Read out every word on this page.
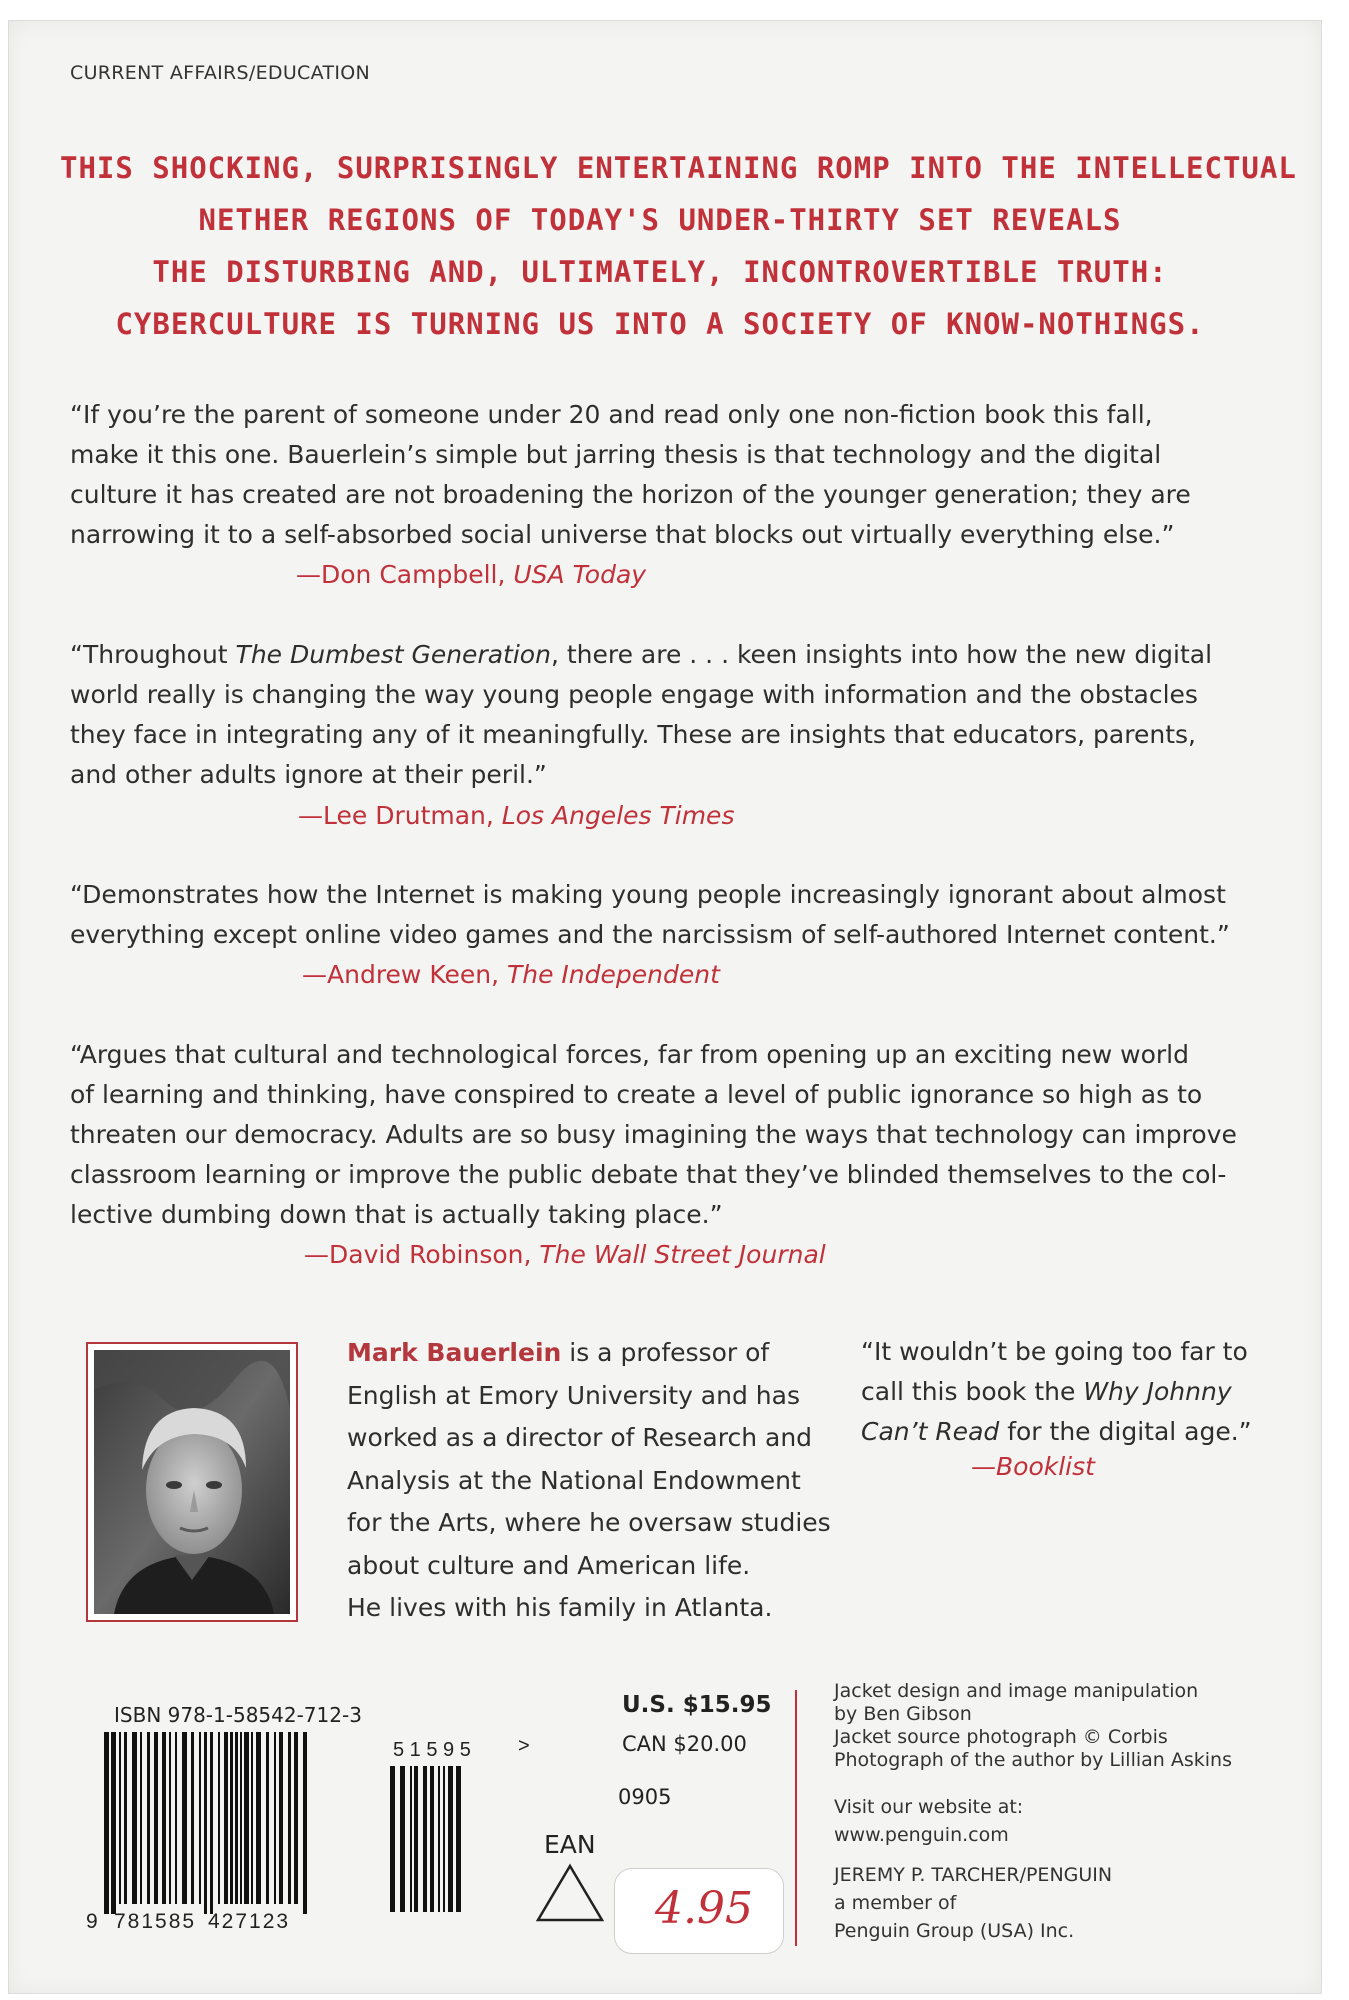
CURRENT AFFAIRS/EDUCATION
THIS SHOCKING, SURPRISINGLY ENTERTAINING ROMP INTO THE INTELLECTUAL
NETHER REGIONS OF TODAY'S UNDER-THIRTY SET REVEALS
THE DISTURBING AND, ULTIMATELY, INCONTROVERTIBLE TRUTH:
CYBERCULTURE IS TURNING US INTO A SOCIETY OF KNOW-NOTHINGS.
“If you’re the parent of someone under 20 and read only one non-fiction book this fall,
make it this one. Bauerlein’s simple but jarring thesis is that technology and the digital
culture it has created are not broadening the horizon of the younger generation; they are
narrowing it to a self-absorbed social universe that blocks out virtually everything else.”
—Don Campbell, USA Today
“Throughout The Dumbest Generation, there are . . . keen insights into how the new digital
world really is changing the way young people engage with information and the obstacles
they face in integrating any of it meaningfully. These are insights that educators, parents,
and other adults ignore at their peril.”
—Lee Drutman, Los Angeles Times
“Demonstrates how the Internet is making young people increasingly ignorant about almost
everything except online video games and the narcissism of self-authored Internet content.”
—Andrew Keen, The Independent
“Argues that cultural and technological forces, far from opening up an exciting new world
of learning and thinking, have conspired to create a level of public ignorance so high as to
threaten our democracy. Adults are so busy imagining the ways that technology can improve
classroom learning or improve the public debate that they’ve blinded themselves to the col-
lective dumbing down that is actually taking place.”
—David Robinson, The Wall Street Journal
Mark Bauerlein is a professor of
English at Emory University and has
worked as a director of Research and
Analysis at the National Endowment
for the Arts, where he oversaw studies
about culture and American life.
He lives with his family in Atlanta.
“It wouldn’t be going too far to
call this book the Why Johnny
Can’t Read for the digital age.”
—Booklist
ISBN 978-1-58542-712-3
5 1 5 9 5 >
9 781585 427123
EAN
U.S. $15.95
CAN $20.00
0905
4.95
Jacket design and image manipulation
by Ben Gibson
Jacket source photograph © Corbis
Photograph of the author by Lillian Askins
Visit our website at:
www.penguin.com
JEREMY P. TARCHER/PENGUIN
a member of
Penguin Group (USA) Inc.
